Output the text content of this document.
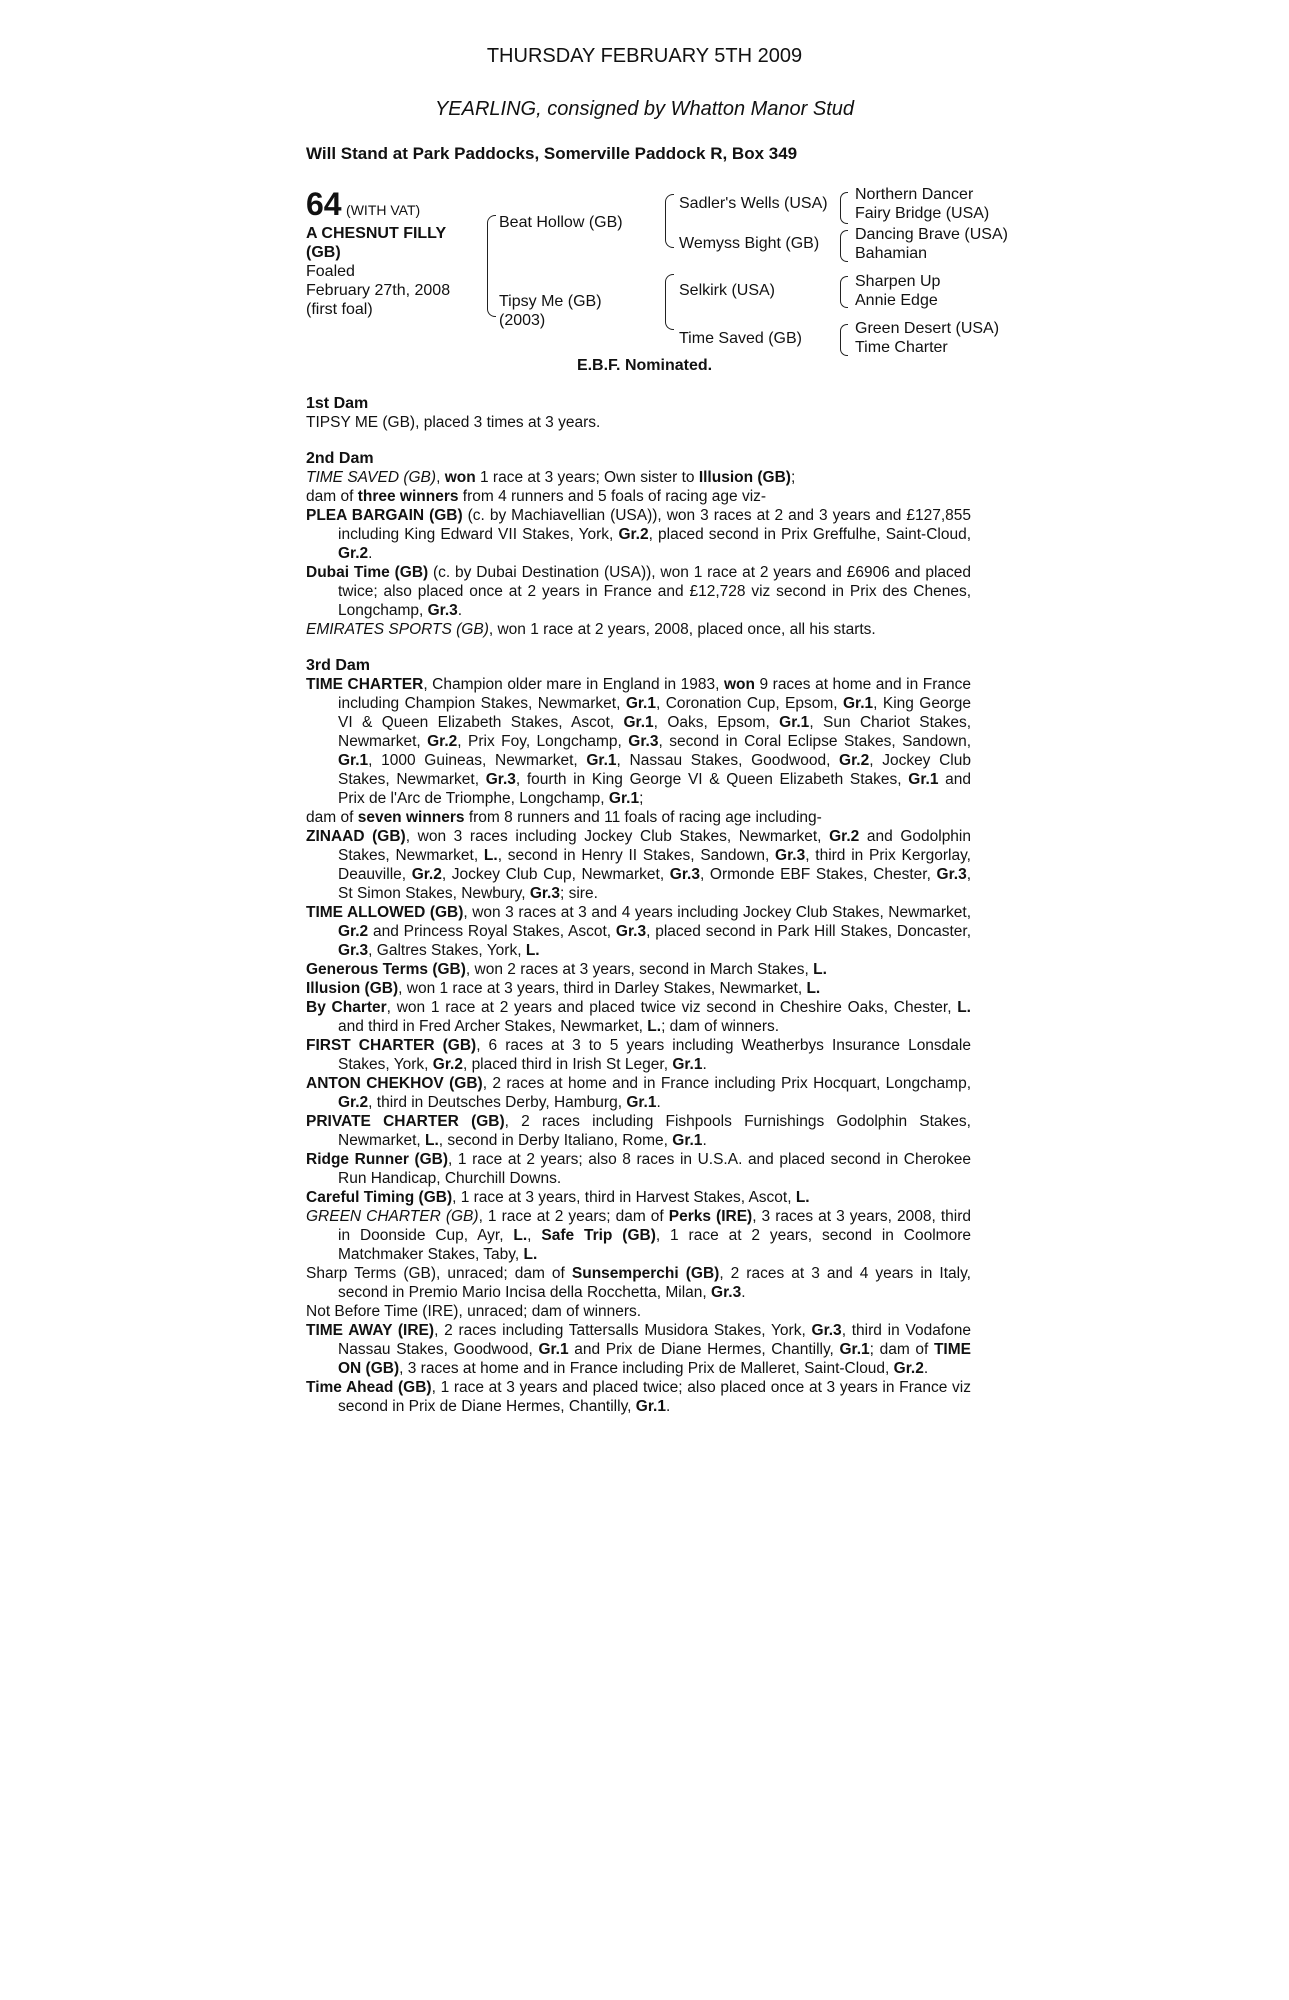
THURSDAY FEBRUARY 5TH 2009
YEARLING, consigned by Whatton Manor Stud
Will Stand at Park Paddocks, Somerville Paddock R, Box 349
64 (WITH VAT)
A CHESNUT FILLY
(GB)
Foaled
February 27th, 2008
(first foal)
Beat Hollow (GB)
Tipsy Me (GB)
(2003)
Sadler's Wells (USA)
Wemyss Bight (GB)
Selkirk (USA)
Time Saved (GB)
Northern Dancer
Fairy Bridge (USA)
Dancing Brave (USA)
Bahamian
Sharpen Up
Annie Edge
Green Desert (USA)
Time Charter
E.B.F. Nominated.
1st Dam

TIPSY ME (GB), placed 3 times at 3 years.

2nd Dam

TIME SAVED (GB), won 1 race at 3 years; Own sister to Illusion (GB);

dam of three winners from 4 runners and 5 foals of racing age viz-

PLEA BARGAIN (GB) (c. by Machiavellian (USA)), won 3 races at 2 and 3 years and £127,855 including King Edward VII Stakes, York, Gr.2, placed second in Prix Greffulhe, Saint-Cloud, Gr.2.

Dubai Time (GB) (c. by Dubai Destination (USA)), won 1 race at 2 years and £6906 and placed twice; also placed once at 2 years in France and £12,728 viz second in Prix des Chenes, Longchamp, Gr.3.

EMIRATES SPORTS (GB), won 1 race at 2 years, 2008, placed once, all his starts.

3rd Dam

TIME CHARTER, Champion older mare in England in 1983, won 9 races at home and in France including Champion Stakes, Newmarket, Gr.1, Coronation Cup, Epsom, Gr.1, King George VI & Queen Elizabeth Stakes, Ascot, Gr.1, Oaks, Epsom, Gr.1, Sun Chariot Stakes, Newmarket, Gr.2, Prix Foy, Longchamp, Gr.3, second in Coral Eclipse Stakes, Sandown, Gr.1, 1000 Guineas, Newmarket, Gr.1, Nassau Stakes, Goodwood, Gr.2, Jockey Club Stakes, Newmarket, Gr.3, fourth in King George VI & Queen Elizabeth Stakes, Gr.1 and Prix de l'Arc de Triomphe, Longchamp, Gr.1;

dam of seven winners from 8 runners and 11 foals of racing age including-

ZINAAD (GB), won 3 races including Jockey Club Stakes, Newmarket, Gr.2 and Godolphin Stakes, Newmarket, L., second in Henry II Stakes, Sandown, Gr.3, third in Prix Kergorlay, Deauville, Gr.2, Jockey Club Cup, Newmarket, Gr.3, Ormonde EBF Stakes, Chester, Gr.3, St Simon Stakes, Newbury, Gr.3; sire.

TIME ALLOWED (GB), won 3 races at 3 and 4 years including Jockey Club Stakes, Newmarket, Gr.2 and Princess Royal Stakes, Ascot, Gr.3, placed second in Park Hill Stakes, Doncaster, Gr.3, Galtres Stakes, York, L.

Generous Terms (GB), won 2 races at 3 years, second in March Stakes, L.

Illusion (GB), won 1 race at 3 years, third in Darley Stakes, Newmarket, L.

By Charter, won 1 race at 2 years and placed twice viz second in Cheshire Oaks, Chester, L. and third in Fred Archer Stakes, Newmarket, L.; dam of winners.

FIRST CHARTER (GB), 6 races at 3 to 5 years including Weatherbys Insurance Lonsdale Stakes, York, Gr.2, placed third in Irish St Leger, Gr.1.

ANTON CHEKHOV (GB), 2 races at home and in France including Prix Hocquart, Longchamp, Gr.2, third in Deutsches Derby, Hamburg, Gr.1.

PRIVATE CHARTER (GB), 2 races including Fishpools Furnishings Godolphin Stakes, Newmarket, L., second in Derby Italiano, Rome, Gr.1.

Ridge Runner (GB), 1 race at 2 years; also 8 races in U.S.A. and placed second in Cherokee Run Handicap, Churchill Downs.

Careful Timing (GB), 1 race at 3 years, third in Harvest Stakes, Ascot, L.

GREEN CHARTER (GB), 1 race at 2 years; dam of Perks (IRE), 3 races at 3 years, 2008, third in Doonside Cup, Ayr, L., Safe Trip (GB), 1 race at 2 years, second in Coolmore Matchmaker Stakes, Taby, L.

Sharp Terms (GB), unraced; dam of Sunsemperchi (GB), 2 races at 3 and 4 years in Italy, second in Premio Mario Incisa della Rocchetta, Milan, Gr.3.

Not Before Time (IRE), unraced; dam of winners.

TIME AWAY (IRE), 2 races including Tattersalls Musidora Stakes, York, Gr.3, third in Vodafone Nassau Stakes, Goodwood, Gr.1 and Prix de Diane Hermes, Chantilly, Gr.1; dam of TIME ON (GB), 3 races at home and in France including Prix de Malleret, Saint-Cloud, Gr.2.

Time Ahead (GB), 1 race at 3 years and placed twice; also placed once at 3 years in France viz second in Prix de Diane Hermes, Chantilly, Gr.1.
